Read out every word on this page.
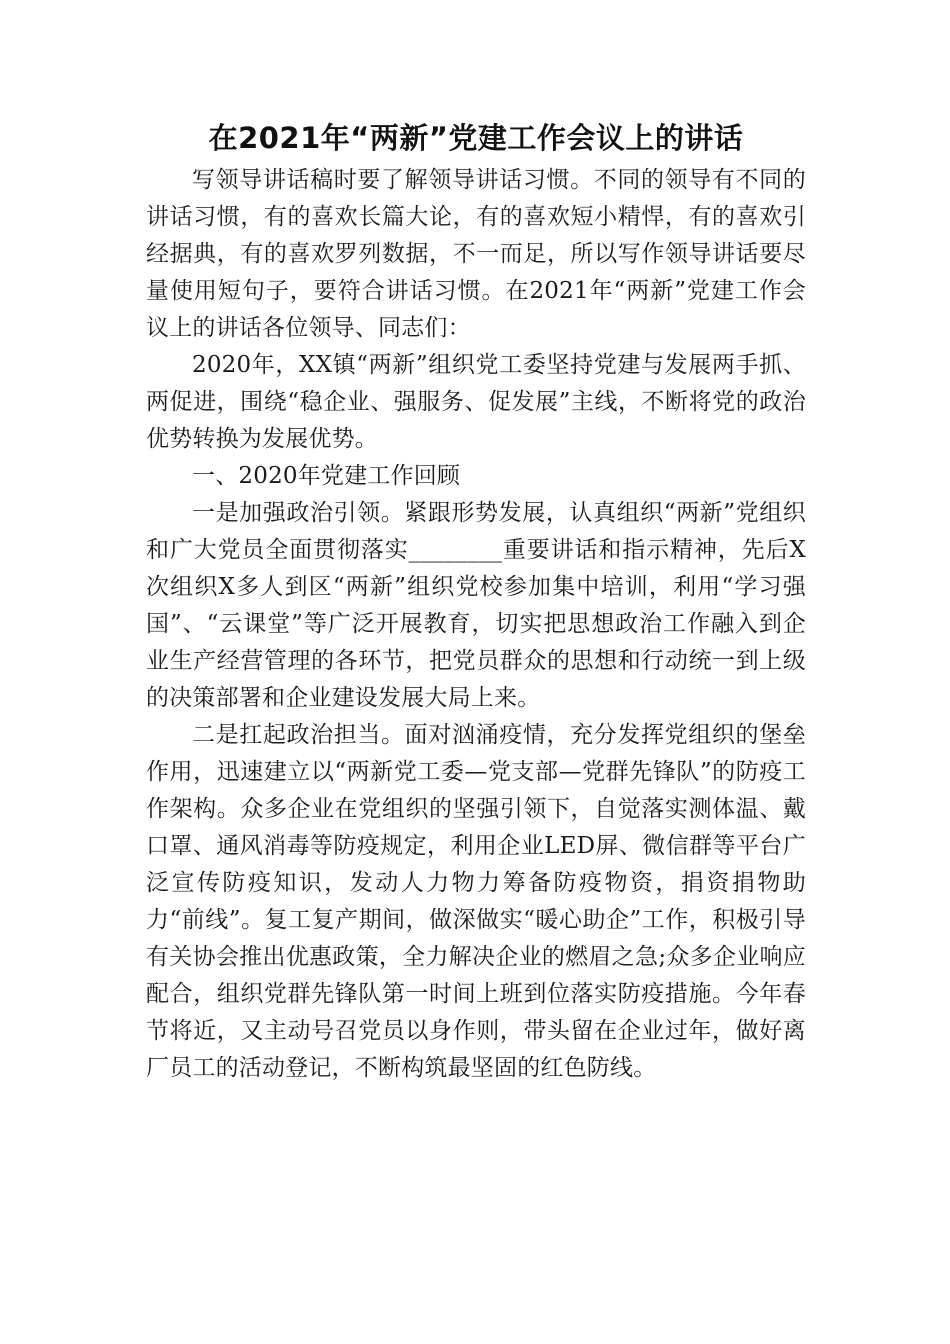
在2021年“两新”党建工作会议上的讲话

写领导讲话稿时要了解领导讲话习惯。不同的领导有不同的讲话习惯，有的喜欢长篇大论，有的喜欢短小精悍，有的喜欢引经据典，有的喜欢罗列数据，不一而足，所以写作领导讲话要尽量使用短句子，要符合讲话习惯。在2021年“两新”党建工作会议上的讲话各位领导、同志们：

2020年，XX镇“两新”组织党工委坚持党建与发展两手抓、两促进，围绕“稳企业、强服务、促发展”主线，不断将党的政治优势转换为发展优势。

一、2020年党建工作回顾

一是加强政治引领。紧跟形势发展，认真组织“两新”党组织和广大党员全面贯彻落实________重要讲话和指示精神，先后X次组织X多人到区“两新”组织党校参加集中培训，利用“学习强国”、“云课堂”等广泛开展教育，切实把思想政治工作融入到企业生产经营管理的各环节，把党员群众的思想和行动统一到上级的决策部署和企业建设发展大局上来。

二是扛起政治担当。面对汹涌疫情，充分发挥党组织的堡垒作用，迅速建立以“两新党工委—党支部—党群先锋队”的防疫工作架构。众多企业在党组织的坚强引领下，自觉落实测体温、戴口罩、通风消毒等防疫规定，利用企业LED屏、微信群等平台广泛宣传防疫知识，发动人力物力筹备防疫物资，捐资捐物助力“前线”。复工复产期间，做深做实“暖心助企”工作，积极引导有关协会推出优惠政策，全力解决企业的燃眉之急;众多企业响应配合，组织党群先锋队第一时间上班到位落实防疫措施。今年春节将近，又主动号召党员以身作则，带头留在企业过年，做好离厂员工的活动登记，不断构筑最坚固的红色防线。
